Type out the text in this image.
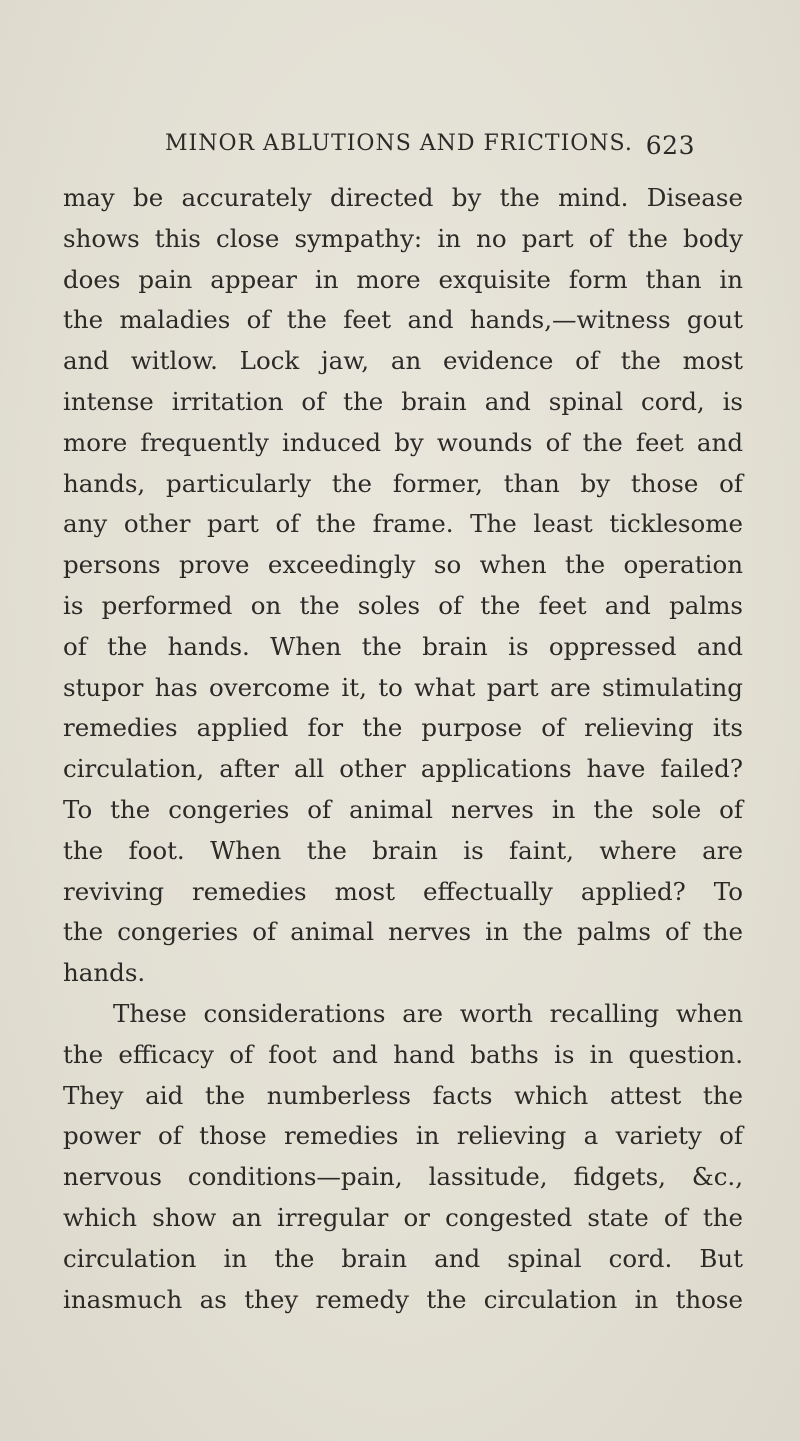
MINOR ABLUTIONS AND FRICTIONS. 623
may be accurately directed by the mind. Disease
shows this close sympathy: in no part of the body
does pain appear in more exquisite form than in
the maladies of the feet and hands,—witness gout
and witlow. Lock jaw, an evidence of the most
intense irritation of the brain and spinal cord, is
more frequently induced by wounds of the feet and
hands, particularly the former, than by those of
any other part of the frame. The least ticklesome
persons prove exceedingly so when the operation
is performed on the soles of the feet and palms
of the hands. When the brain is oppressed and
stupor has overcome it, to what part are stimulating
remedies applied for the purpose of relieving its
circulation, after all other applications have failed?
To the congeries of animal nerves in the sole of
the foot. When the brain is faint, where are
reviving remedies most effectually applied? To
the congeries of animal nerves in the palms of the
hands.
These considerations are worth recalling when
the efficacy of foot and hand baths is in question.
They aid the numberless facts which attest the
power of those remedies in relieving a variety of
nervous conditions—pain, lassitude, fidgets, &c.,
which show an irregular or congested state of the
circulation in the brain and spinal cord. But
inasmuch as they remedy the circulation in those
